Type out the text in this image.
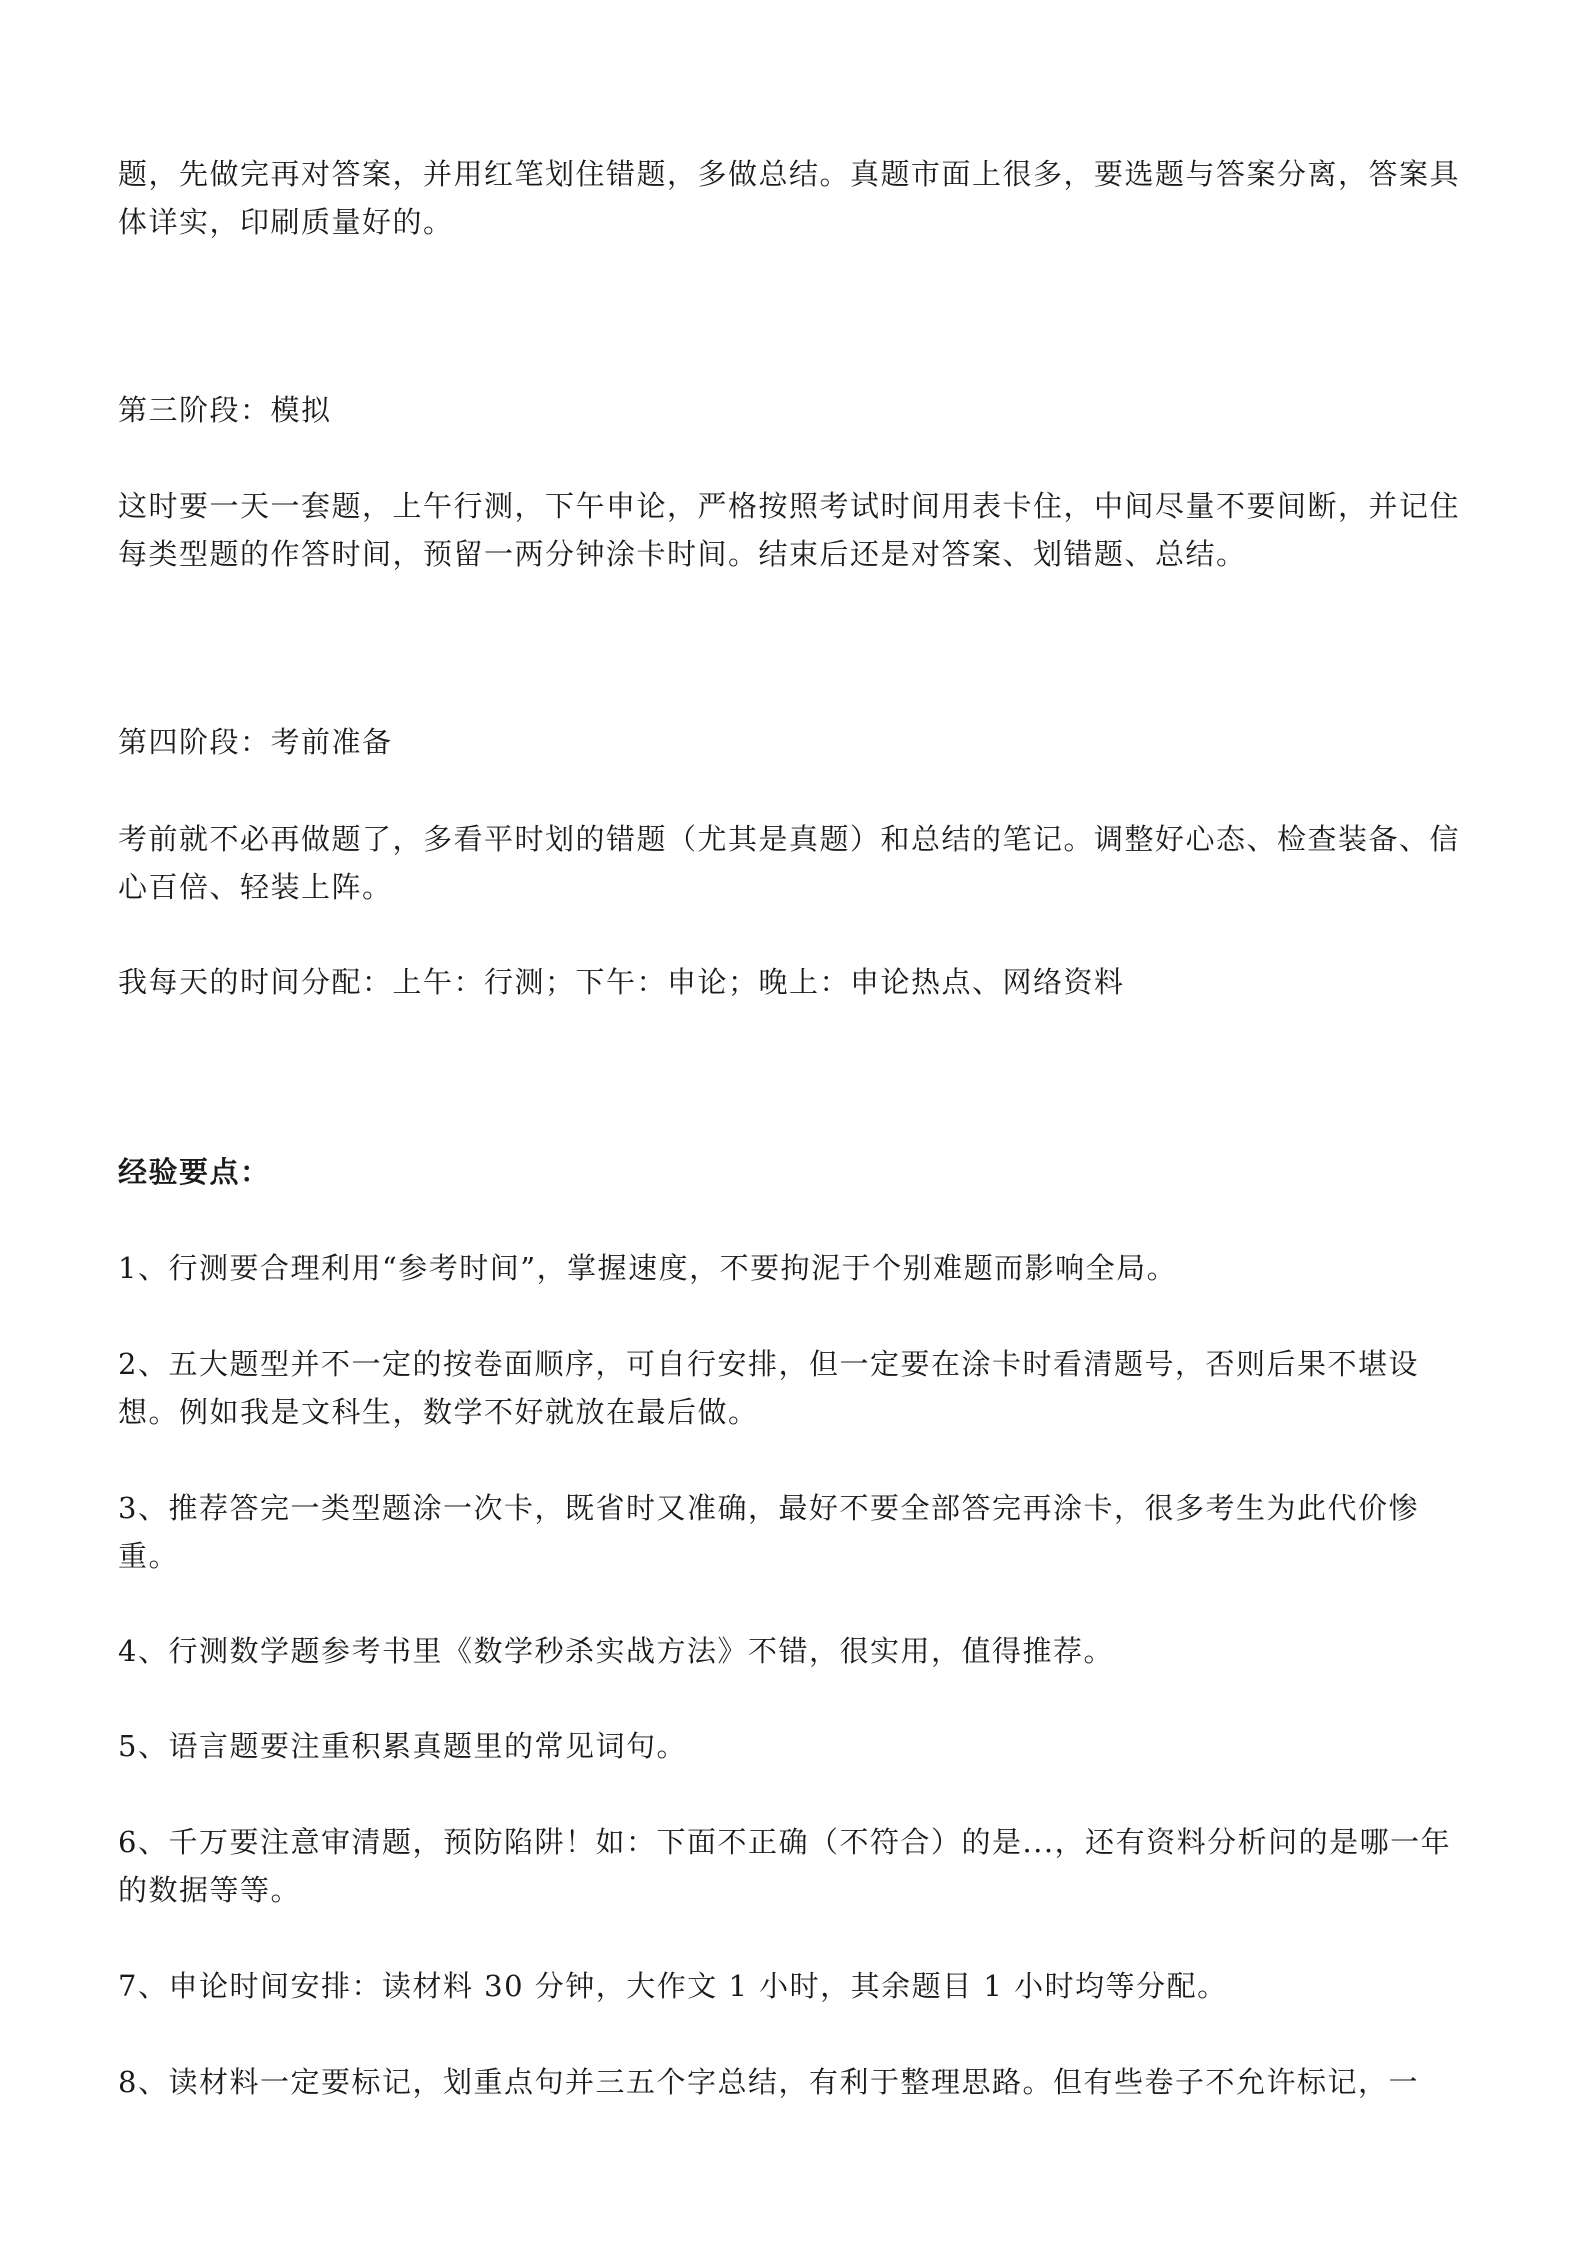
题，先做完再对答案，并用红笔划住错题，多做总结。真题市面上很多，要选题与答案分离，答案具体详实，印刷质量好的。

第三阶段：模拟

这时要一天一套题，上午行测，下午申论，严格按照考试时间用表卡住，中间尽量不要间断，并记住每类型题的作答时间，预留一两分钟涂卡时间。结束后还是对答案、划错题、总结。

第四阶段：考前准备

考前就不必再做题了，多看平时划的错题（尤其是真题）和总结的笔记。调整好心态、检查装备、信心百倍、轻装上阵。

我每天的时间分配：上午：行测；下午：申论；晚上：申论热点、网络资料

经验要点：

1、行测要合理利用“参考时间”，掌握速度，不要拘泥于个别难题而影响全局。

2、五大题型并不一定的按卷面顺序，可自行安排，但一定要在涂卡时看清题号，否则后果不堪设想。例如我是文科生，数学不好就放在最后做。

3、推荐答完一类型题涂一次卡，既省时又准确，最好不要全部答完再涂卡，很多考生为此代价惨重。

4、行测数学题参考书里《数学秒杀实战方法》不错，很实用，值得推荐。

5、语言题要注重积累真题里的常见词句。

6、千万要注意审清题，预防陷阱！如：下面不正确（不符合）的是...，还有资料分析问的是哪一年的数据等等。

7、申论时间安排：读材料 30 分钟，大作文 1 小时，其余题目 1 小时均等分配。

8、读材料一定要标记，划重点句并三五个字总结，有利于整理思路。但有些卷子不允许标记，一
